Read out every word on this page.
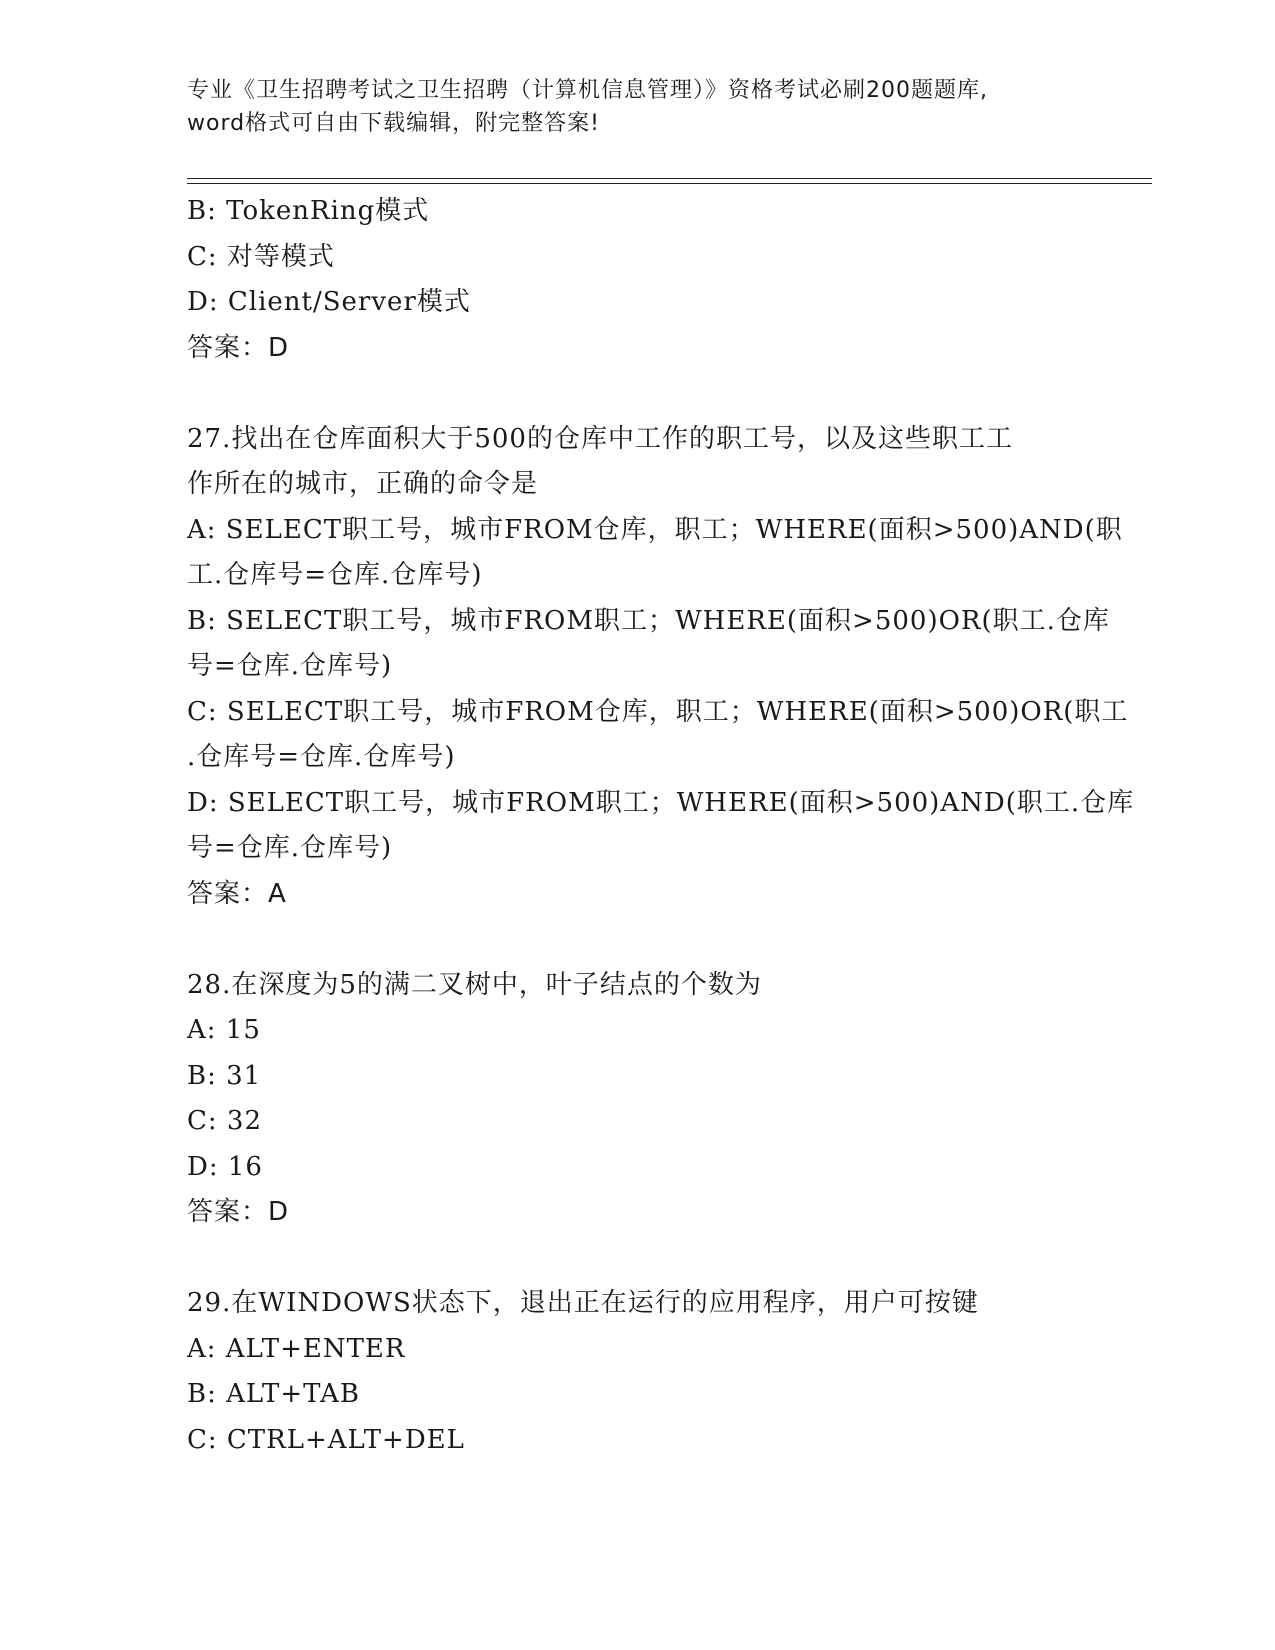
专业《卫生招聘考试之卫生招聘（计算机信息管理）》资格考试必刷200题题库,
word格式可自由下载编辑，附完整答案!
B: TokenRing模式
C: 对等模式
D: Client/Server模式
答案：D
27.找出在仓库面积大于500的仓库中工作的职工号，以及这些职工工
作所在的城市，正确的命令是
A: SELECT职工号，城市FROM仓库，职工；WHERE(面积>500)AND(职
工.仓库号=仓库.仓库号)
B: SELECT职工号，城市FROM职工；WHERE(面积>500)OR(职工.仓库
号=仓库.仓库号)
C: SELECT职工号，城市FROM仓库，职工；WHERE(面积>500)OR(职工
.仓库号=仓库.仓库号)
D: SELECT职工号，城市FROM职工；WHERE(面积>500)AND(职工.仓库
号=仓库.仓库号)
答案：A
28.在深度为5的满二叉树中，叶子结点的个数为
A: 15
B: 31
C: 32
D: 16
答案：D
29.在WINDOWS状态下，退出正在运行的应用程序，用户可按键
A: ALT+ENTER
B: ALT+TAB
C: CTRL+ALT+DEL
